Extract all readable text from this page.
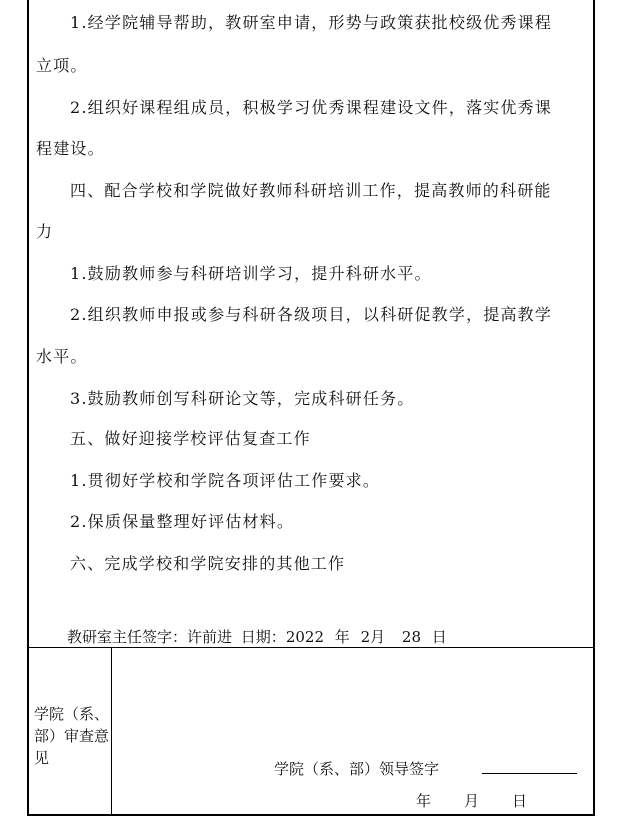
1.经学院辅导帮助，教研室申请，形势与政策获批校级优秀课程
立项。
2.组织好课程组成员，积极学习优秀课程建设文件，落实优秀课
程建设。
四、配合学校和学院做好教师科研培训工作，提高教师的科研能
力
1.鼓励教师参与科研培训学习，提升科研水平。
2.组织教师申报或参与科研各级项目，以科研促教学，提高教学
水平。
3.鼓励教师创写科研论文等，完成科研任务。
五、做好迎接学校评估复查工作
1.贯彻好学校和学院各项评估工作要求。
2.保质保量整理好评估材料。
六、完成学校和学院安排的其他工作
教研室主任签字：许前进 日期：2022 年 2月 28 日
学院（系、部）审查意见
学院（系、部）领导签字
年 月 日
